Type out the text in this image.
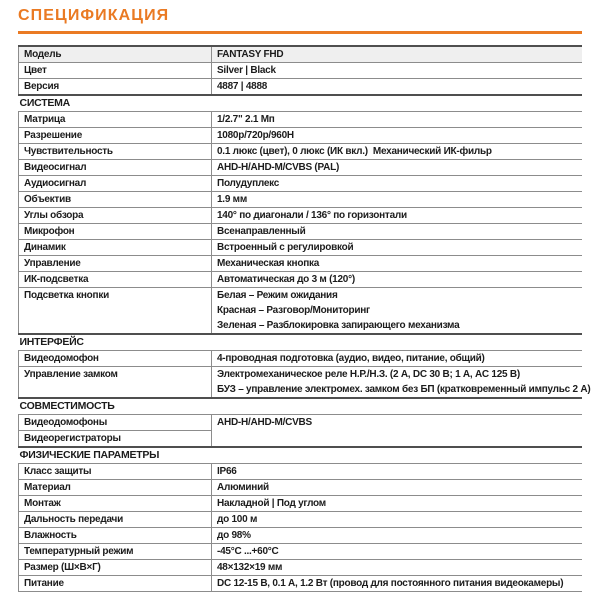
СПЕЦИФИКАЦИЯ
Модель	FANTASY FHD

Цвет	Silver | Black

Версия	4887 | 4888

СИСТЕМА	
Матрица	1/2.7" 2.1 Мп

Разрешение	1080p/720p/960H

Чувствительность	0.1 люкс (цвет), 0 люкс (ИК вкл.)  Механический ИК-фильр

Видеосигнал	AHD-H/AHD-M/CVBS (PAL)

Аудиосигнал	Полудуплекс

Объектив	1.9 мм

Углы обзора	140° по диагонали / 136° по горизонтали

Микрофон	Всенаправленный

Динамик	Встроенный с регулировкой

Управление	Механическая кнопка

ИК-подсветка	Автоматическая до 3 м (120°)

Подсветка кнопки	Белая – Режим ожидания
Красная – Разговор/Мониторинг
Зеленая – Разблокировка запирающего механизма

ИНТЕРФЕЙС	
Видеодомофон	4-проводная подготовка (аудио, видео, питание, общий)

Управление замком	Электромеханическое реле Н.Р./Н.З. (2 А, DC 30 В; 1 А, AC 125 В)
БУЗ – управление электромех. замком без БП (кратковременный импульс 2 А)

СОВМЕСТИМОСТЬ	
Видеодомофоны	AHD-H/AHD-M/CVBS

Видеорегистраторы	
ФИЗИЧЕСКИЕ ПАРАМЕТРЫ	
Класс защиты	IP66

Материал	Алюминий

Монтаж	Накладной | Под углом

Дальность передачи	до 100 м

Влажность	до 98%

Температурный режим	-45°C ...+60°C

Размер (Ш×В×Г)	48×132×19 мм

Питание	DC 12-15 В, 0.1 А, 1.2 Вт (провод для постоянного питания видеокамеры)
